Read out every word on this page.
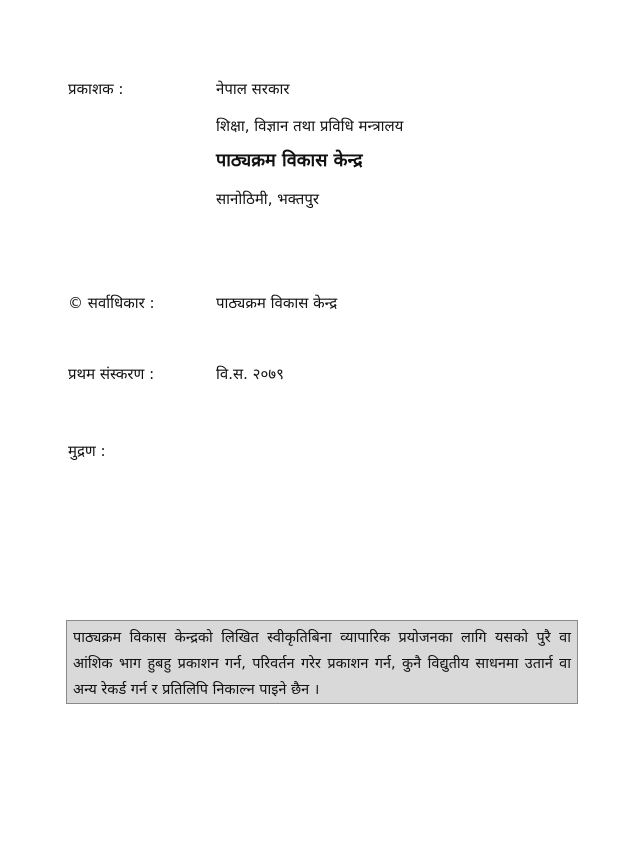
प्रकाशक :	नेपाल सरकार
शिक्षा, विज्ञान तथा प्रविधि मन्त्रालय
पाठ्यक्रम विकास केन्द्र
सानोठिमी, भक्तपुर
© सर्वाधिकार :	पाठ्यक्रम विकास केन्द्र
प्रथम संस्करण :	वि.स. २०७९
मुद्रण :
पाठ्यक्रम विकास केन्द्रको लिखित स्वीकृतिबिना व्यापारिक प्रयोजनका लागि यसको पुरै वा आंशिक भाग हुबहु प्रकाशन गर्न, परिवर्तन गरेर प्रकाशन गर्न, कुनै विद्युतीय साधनमा उतार्न वा अन्य रेकर्ड गर्न र प्रतिलिपि निकाल्न पाइने छैन ।
